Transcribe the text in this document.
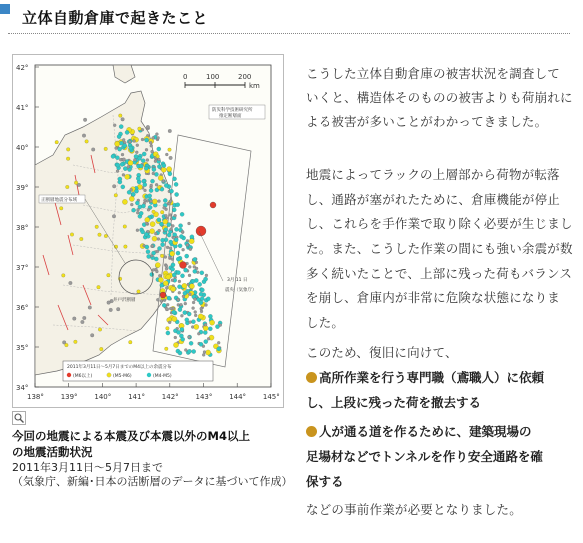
立体自動倉庫で起きたこと
0	100	200
km
防災科学技術研究所
推定断層面
正断層地震分布域
井戸沢断層
3月 11 日
震央（気象庁）
2011年3月11日～5月7日までのM4以上の余震分布
(M6以上)	(M5-M6)	(M4-M5)
42°
41°
40°
39°
38°
37°
36°
35°
34°
138° 139° 140° 141° 142° 143° 144° 145°
今回の地震による本震及び本震以外のM4以上
の地震活動状況
2011年3月11日～5月7日まで
（気象庁、新編･日本の活断層のデータに基づいて作成）
こうした立体自動倉庫の被害状況を調査して
いくと、構造体そのものの被害よりも荷崩れに
よる被害が多いことがわかってきました。
地震によってラックの上層部から荷物が転落
し、通路が塞がれたために、倉庫機能が停止
し、これらを手作業で取り除く必要が生じまし
た。また、こうした作業の間にも強い余震が数
多く続いたことで、上部に残った荷もバランス
を崩し、倉庫内が非常に危険な状態になりま
した。
このため、復旧に向けて、
高所作業を行う専門職（鳶職人）に依頼
し、上段に残った荷を撤去する
人が通る道を作るために、建築現場の
足場材などでトンネルを作り安全通路を確
保する
などの事前作業が必要となりました。
